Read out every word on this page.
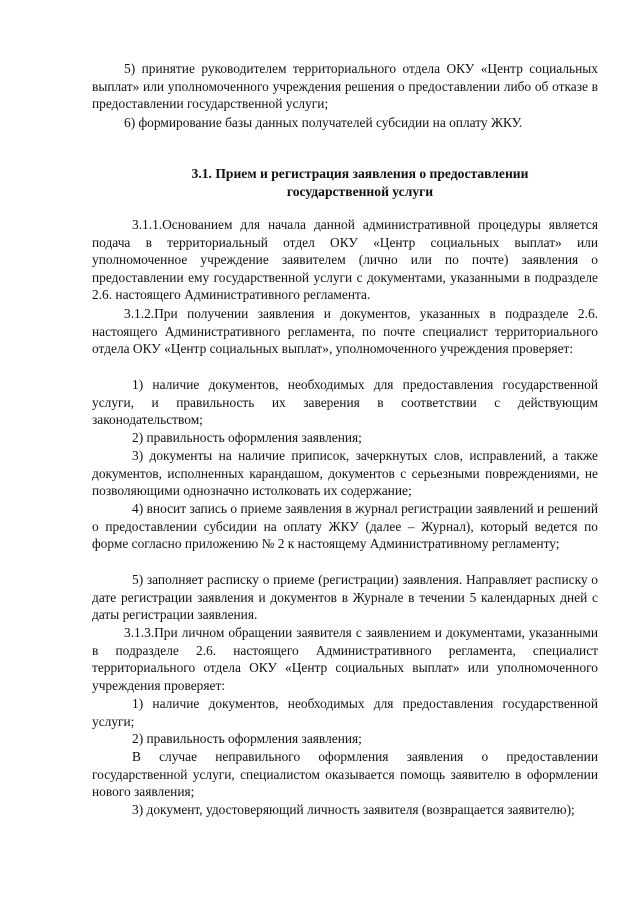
5) принятие руководителем территориального отдела ОКУ «Центр социальных выплат» или уполномоченного учреждения решения о предоставлении либо об отказе в предоставлении государственной услуги;

6) формирование базы данных получателей субсидии на оплату ЖКУ.

3.1. Прием и регистрация заявления о предоставлении государственной услуги

3.1.1.Основанием для начала данной административной процедуры является подача в территориальный отдел ОКУ «Центр социальных выплат» или уполномоченное учреждение заявителем (лично или по почте) заявления о предоставлении ему государственной услуги с документами, указанными в подразделе 2.6. настоящего Административного регламента.

3.1.2.При получении заявления и документов, указанных в подразделе 2.6. настоящего Административного регламента, по почте специалист территориального отдела ОКУ «Центр социальных выплат», уполномоченного учреждения проверяет:

1) наличие документов, необходимых для предоставления государственной услуги, и правильность их заверения в соответствии с действующим законодательством;

2) правильность оформления заявления;

3) документы на наличие приписок, зачеркнутых слов, исправлений, а также документов, исполненных карандашом, документов с серьезными повреждениями, не позволяющими однозначно истолковать их содержание;

4) вносит запись о приеме заявления в журнал регистрации заявлений и решений о предоставлении субсидии на оплату ЖКУ (далее – Журнал), который ведется по форме согласно приложению № 2 к настоящему Административному регламенту;

5) заполняет расписку о приеме (регистрации) заявления. Направляет расписку о дате регистрации заявления и документов в Журнале в течении 5 календарных дней с даты регистрации заявления.

3.1.3.При личном обращении заявителя с заявлением и документами, указанными в подразделе 2.6. настоящего Административного регламента, специалист территориального отдела ОКУ «Центр социальных выплат» или уполномоченного учреждения проверяет:

1) наличие документов, необходимых для предоставления государственной услуги;

2) правильность оформления заявления;

В случае неправильного оформления заявления о предоставлении государственной услуги, специалистом оказывается помощь заявителю в оформлении нового заявления;

3) документ, удостоверяющий личность заявителя (возвращается заявителю);
